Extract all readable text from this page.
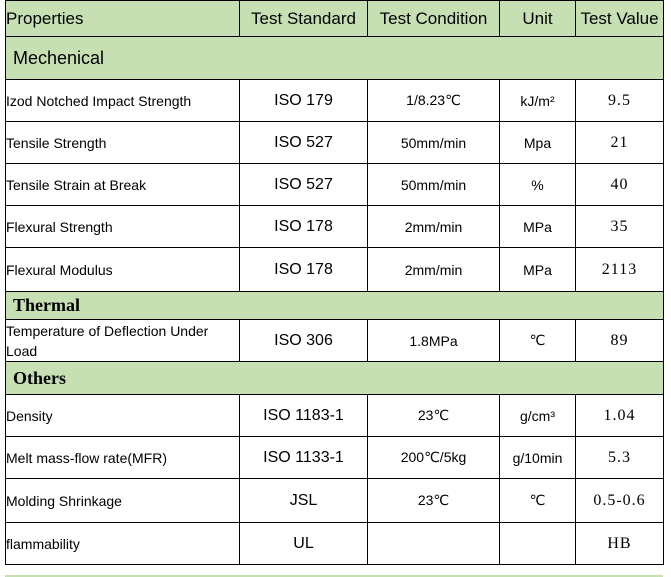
Properties	Test Standard	Test Condition	Unit	Test Value
Mechenical				
Izod Notched Impact Strength	ISO 179	1/8.23℃	kJ/m²	9.5
Tensile Strength	ISO 527	50mm/min	Mpa	21
Tensile Strain at Break	ISO 527	50mm/min	%	40
Flexural Strength	ISO 178	2mm/min	MPa	35
Flexural Modulus	ISO 178	2mm/min	MPa	2113
Thermal				
Temperature of Deflection Under Load	ISO 306	1.8MPa	℃	89
Others				
Density	ISO 1183-1	23℃	g/cm³	1.04
Melt mass-flow rate(MFR)	ISO 1133-1	200℃/5kg	g/10min	5.3
Molding Shrinkage	JSL	23℃	℃	0.5-0.6
flammability	UL			HB
